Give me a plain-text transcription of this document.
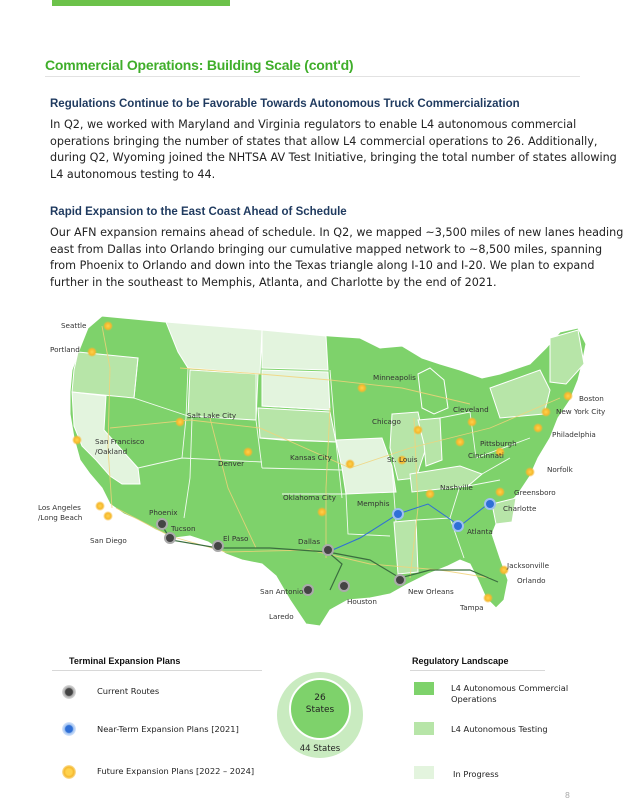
Commercial Operations: Building Scale (cont'd)
Regulations Continue to be Favorable Towards Autonomous Truck Commercialization
In Q2, we worked with Maryland and Virginia regulators to enable L4 autonomous commercial
operations bringing the number of states that allow L4 commercial operations to 26. Additionally,
during Q2, Wyoming joined the NHTSA AV Test Initiative, bringing the total number of states allowing
L4 autonomous testing to 44.
Rapid Expansion to the East Coast Ahead of Schedule
Our AFN expansion remains ahead of schedule. In Q2, we mapped ~3,500 miles of new lanes heading
east from Dallas into Orlando bringing our cumulative mapped network to ~8,500 miles, spanning
from Phoenix to Orlando and down into the Texas triangle along I-10 and I-20. We plan to expand
further in the southeast to Memphis, Atlanta, and Charlotte by the end of 2021.
Seattle
Portland
San Francisco
/Oakland
Los Angeles
/Long Beach
San Diego
Salt Lake City
Phoenix
Tucson
El Paso
Denver
Kansas City
Oklahoma City
Dallas
San Antonio
Houston
Laredo
Minneapolis
Chicago
St. Louis
Memphis
New Orleans
Nashville
Atlanta
Cleveland
Pittsburgh
Cincinnati
Charlotte
Greensboro
Norfolk
Philadelphia
New York City
Boston
Jacksonville
Orlando
Tampa
Terminal Expansion Plans
Current Routes
Near-Term Expansion Plans [2021]
Future Expansion Plans [2022 – 2024]
26
States
44 States
Regulatory Landscape
L4 Autonomous Commercial
Operations
L4 Autonomous Testing
In Progress
8
